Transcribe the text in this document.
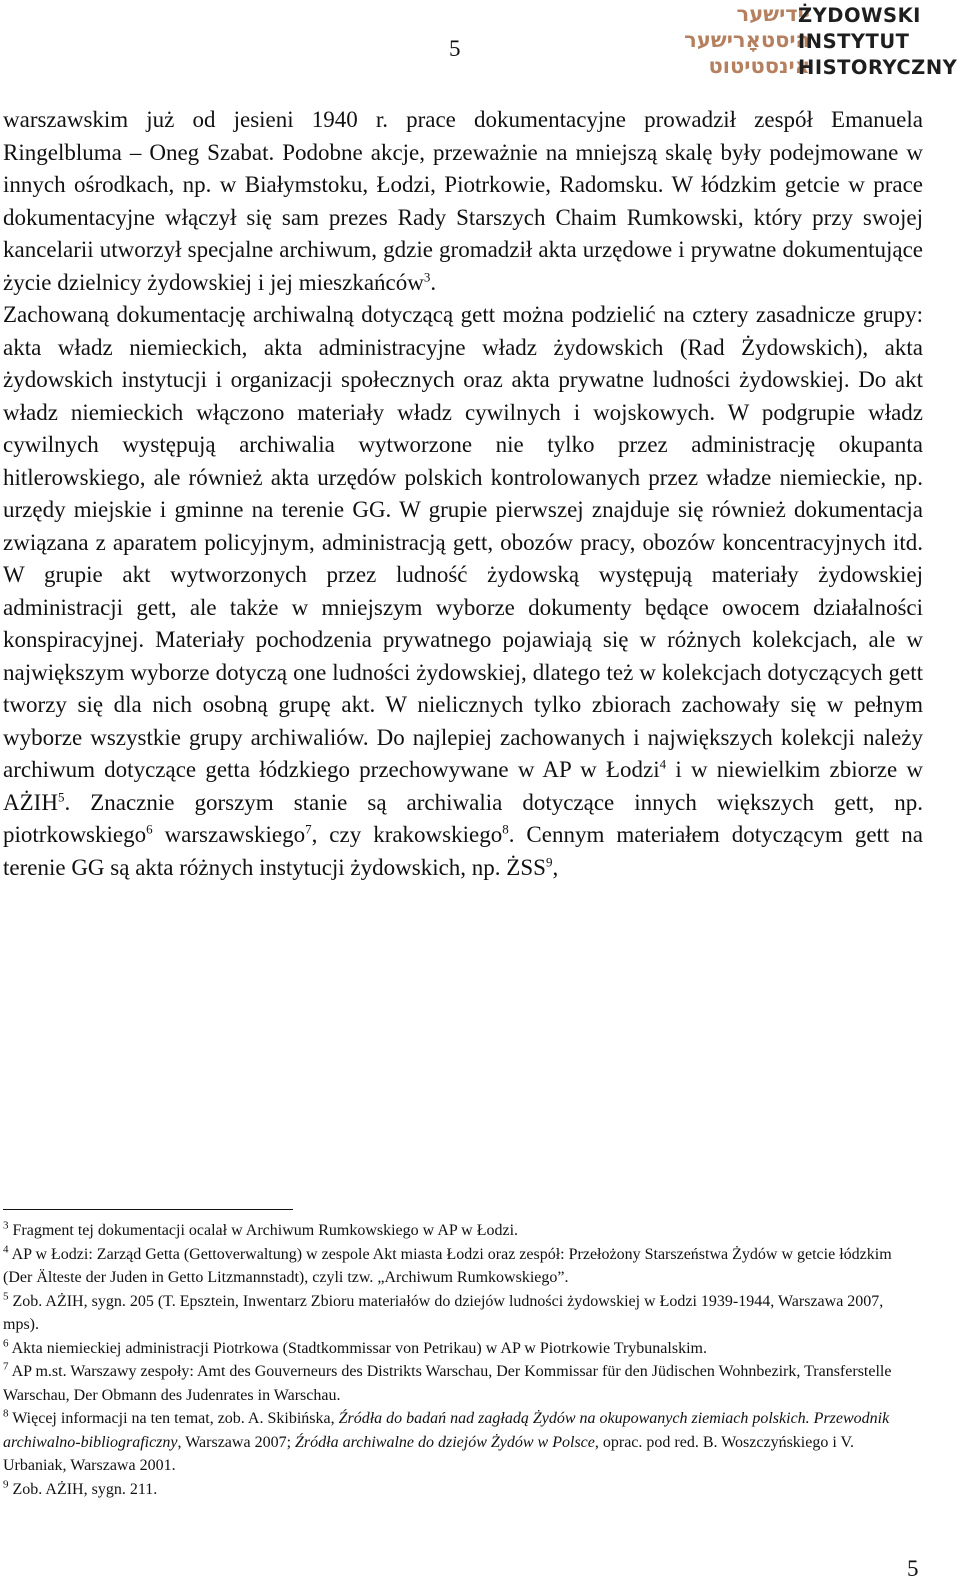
5
יידישער
היסטאָרישער
אינסטיטוט
ŻYDOWSKI
INSTYTUT
HISTORYCZNY

warszawskim już od jesieni 1940 r. prace dokumentacyjne prowadził zespół Emanuela Ringelbluma – Oneg Szabat. Podobne akcje, przeważnie na mniejszą skalę były podejmowane w innych ośrodkach, np. w Białymstoku, Łodzi, Piotrkowie, Radomsku. W łódzkim getcie w prace dokumentacyjne włączył się sam prezes Rady Starszych Chaim Rumkowski, który przy swojej kancelarii utworzył specjalne archiwum, gdzie gromadził akta urzędowe i prywatne dokumentujące życie dzielnicy żydowskiej i jej mieszkańców$^3$.

Zachowaną dokumentację archiwalną dotyczącą gett można podzielić na cztery zasadnicze grupy: akta władz niemieckich, akta administracyjne władz żydowskich (Rad Żydowskich), akta żydowskich instytucji i organizacji społecznych oraz akta prywatne ludności żydowskiej. Do akt władz niemieckich włączono materiały władz cywilnych i wojskowych. W podgrupie władz cywilnych występują archiwalia wytworzone nie tylko przez administrację okupanta hitlerowskiego, ale również akta urzędów polskich kontrolowanych przez władze niemieckie, np. urzędy miejskie i gminne na terenie GG. W grupie pierwszej znajduje się również dokumentacja związana z aparatem policyjnym, administracją gett, obozów pracy, obozów koncentracyjnych itd. W grupie akt wytworzonych przez ludność żydowską występują materiały żydowskiej administracji gett, ale także w mniejszym wyborze dokumenty będące owocem działalności konspiracyjnej. Materiały pochodzenia prywatnego pojawiają się w różnych kolekcjach, ale w największym wyborze dotyczą one ludności żydowskiej, dlatego też w kolekcjach dotyczących gett tworzy się dla nich osobną grupę akt. W nielicznych tylko zbiorach zachowały się w pełnym wyborze wszystkie grupy archiwaliów. Do najlepiej zachowanych i największych kolekcji należy archiwum dotyczące getta łódzkiego przechowywane w AP w Łodzi$^4$ i w niewielkim zbiorze w AŻIH$^5$. Znacznie gorszym stanie są archiwalia dotyczące innych większych gett, np. piotrkowskiego$^6$ warszawskiego$^7$, czy krakowskiego$^8$. Cennym materiałem dotyczącym gett na terenie GG są akta różnych instytucji żydowskich, np. ŻSS$^9$,

$^3$ Fragment tej dokumentacji ocalał w Archiwum Rumkowskiego w AP w Łodzi.

$^4$ AP w Łodzi: Zarząd Getta (Gettoverwaltung) w zespole Akt miasta Łodzi oraz zespół: Przełożony Starszeństwa Żydów w getcie łódzkim (Der Älteste der Juden in Getto Litzmannstadt), czyli tzw. „Archiwum Rumkowskiego”.

$^5$ Zob. AŻIH, sygn. 205 (T. Epsztein, Inwentarz Zbioru materiałów do dziejów ludności żydowskiej w Łodzi 1939-1944, Warszawa 2007, mps).

$^6$ Akta niemieckiej administracji Piotrkowa (Stadtkommissar von Petrikau) w AP w Piotrkowie Trybunalskim.

$^7$ AP m.st. Warszawy zespoły: Amt des Gouverneurs des Distrikts Warschau, Der Kommissar für den Jüdischen Wohnbezirk, Transferstelle Warschau, Der Obmann des Judenrates in Warschau.

$^8$ Więcej informacji na ten temat, zob. A. Skibińska, Źródła do badań nad zagładą Żydów na okupowanych ziemiach polskich. Przewodnik archiwalno-bibliograficzny, Warszawa 2007; Źródła archiwalne do dziejów Żydów w Polsce, oprac. pod red. B. Woszczyńskiego i V. Urbaniak, Warszawa 2001.

$^9$ Zob. AŻIH, sygn. 211.

5
